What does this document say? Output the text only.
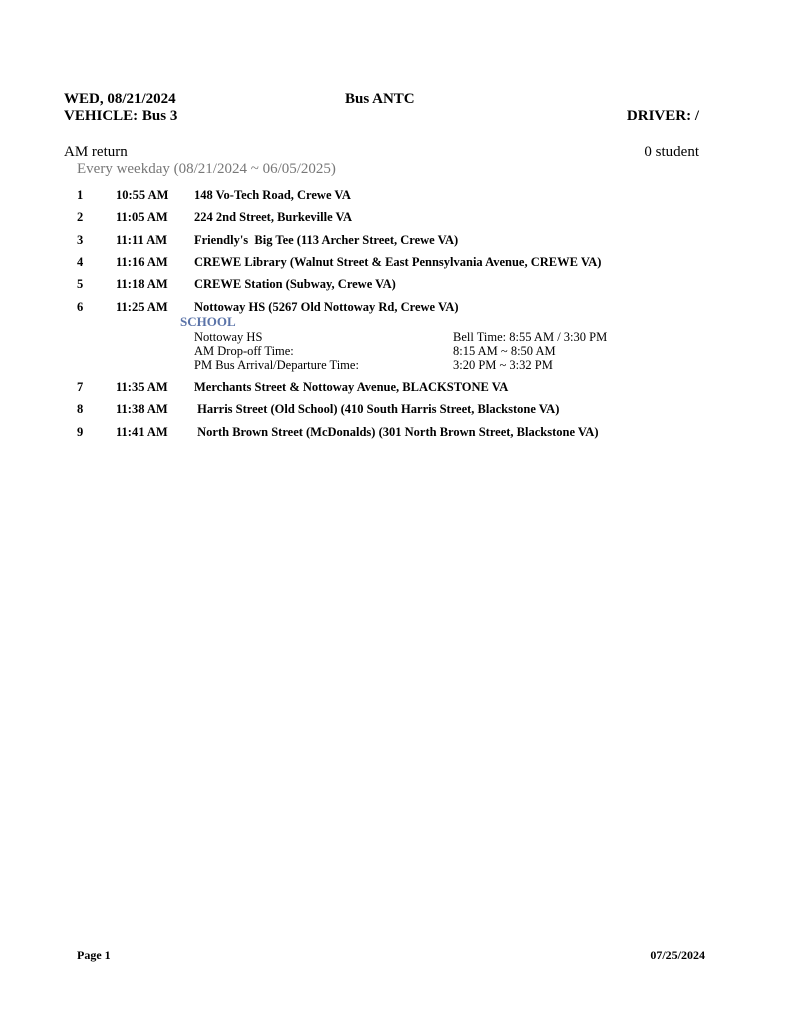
WED, 08/21/2024	Bus ANTC
VEHICLE: Bus 3	DRIVER: /
AM return	0 student
Every weekday (08/21/2024 ~ 06/05/2025)
1	10:55 AM 148 Vo-Tech Road, Crewe VA
2	11:05 AM 224 2nd Street, Burkeville VA
3	11:11 AM Friendly's  Big Tee (113 Archer Street, Crewe VA)
4	11:16 AM CREWE Library (Walnut Street & East Pennsylvania Avenue, CREWE VA)
5	11:18 AM CREWE Station (Subway, Crewe VA)
6	11:25 AM Nottoway HS (5267 Old Nottoway Rd, Crewe VA)
SCHOOL
Nottoway HS	Bell Time: 8:55 AM / 3:30 PM
AM Drop-off Time:	8:15 AM ~ 8:50 AM
PM Bus Arrival/Departure Time:	3:20 PM ~ 3:32 PM
7	11:35 AM Merchants Street & Nottoway Avenue, BLACKSTONE VA
8	11:38 AM Harris Street (Old School) (410 South Harris Street, Blackstone VA)
9	11:41 AM North Brown Street (McDonalds) (301 North Brown Street, Blackstone VA)
Page 1	07/25/2024
